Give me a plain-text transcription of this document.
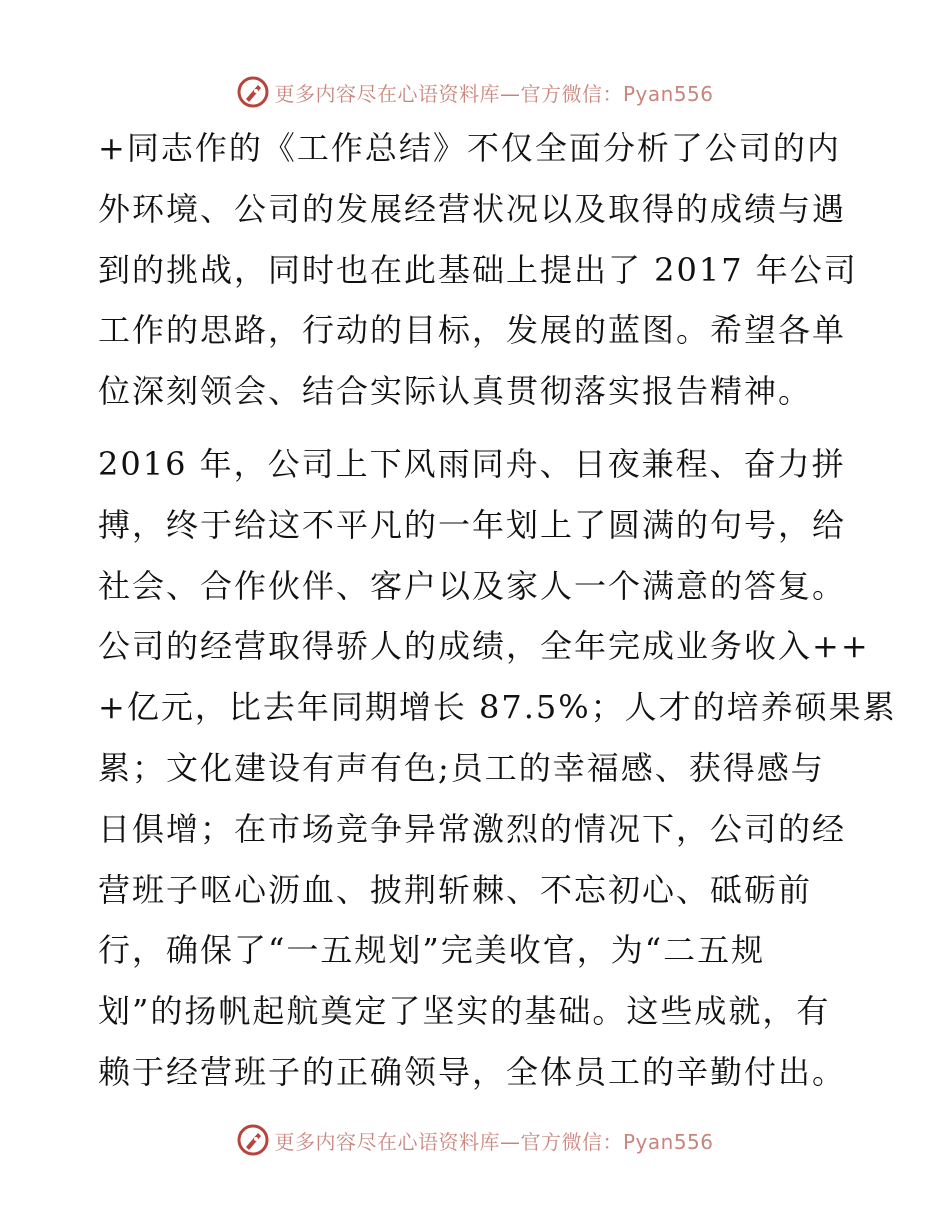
更多内容尽在心语资料库—官方微信：Pyan556

+同志作的《工作总结》不仅全面分析了公司的内
外环境、公司的发展经营状况以及取得的成绩与遇
到的挑战，同时也在此基础上提出了 2017 年公司
工作的思路，行动的目标，发展的蓝图。希望各单
位深刻领会、结合实际认真贯彻落实报告精神。

2016 年，公司上下风雨同舟、日夜兼程、奋力拼
搏，终于给这不平凡的一年划上了圆满的句号，给
社会、合作伙伴、客户以及家人一个满意的答复。
公司的经营取得骄人的成绩，全年完成业务收入++
+亿元，比去年同期增长 87.5%；人才的培养硕果累
累；文化建设有声有色;员工的幸福感、获得感与
日俱增；在市场竞争异常激烈的情况下，公司的经
营班子呕心沥血、披荆斩棘、不忘初心、砥砺前
行，确保了“一五规划”完美收官，为“二五规
划”的扬帆起航奠定了坚实的基础。这些成就，有
赖于经营班子的正确领导，全体员工的辛勤付出。

更多内容尽在心语资料库—官方微信：Pyan556
